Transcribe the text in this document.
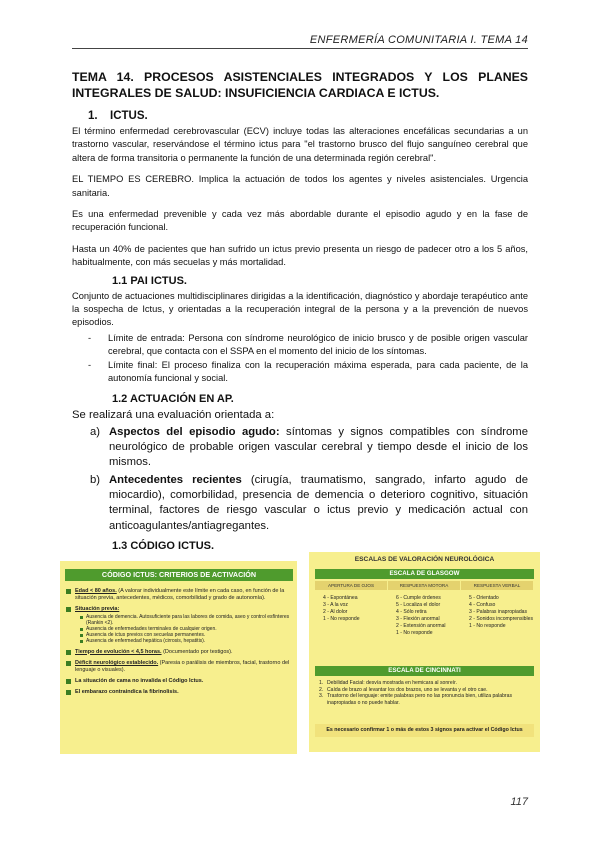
ENFERMERÍA COMUNITARIA I. TEMA 14
TEMA 14. PROCESOS ASISTENCIALES INTEGRADOS Y LOS PLANES INTEGRALES DE SALUD: INSUFICIENCIA CARDIACA E ICTUS.
1. ICTUS.

El término enfermedad cerebrovascular (ECV) incluye todas las alteraciones encefálicas secundarias a un trastorno vascular, reservándose el término ictus para "el trastorno brusco del flujo sanguíneo cerebral que altera de forma transitoria o permanente la función de una determinada región cerebral".

EL TIEMPO ES CEREBRO. Implica la actuación de todos los agentes y niveles asistenciales. Urgencia sanitaria.

Es una enfermedad prevenible y cada vez más abordable durante el episodio agudo y en la fase de recuperación funcional.

Hasta un 40% de pacientes que han sufrido un ictus previo presenta un riesgo de padecer otro a los 5 años, habitualmente, con más secuelas y más mortalidad.

1.1 PAI ICTUS.

Conjunto de actuaciones multidisciplinares dirigidas a la identificación, diagnóstico y abordaje terapéutico ante la sospecha de Ictus, y orientadas a la recuperación integral de la persona y a la prevención de nuevos episodios.

- Límite de entrada: Persona con síndrome neurológico de inicio brusco y de posible origen vascular cerebral, que contacta con el SSPA en el momento del inicio de los síntomas.
- Límite final: El proceso finaliza con la recuperación máxima esperada, para cada paciente, de la autonomía funcional y social.
1.2 ACTUACIÓN EN AP.

Se realizará una evaluación orientada a:

a) Aspectos del episodio agudo: síntomas y signos compatibles con síndrome neurológico de probable origen vascular cerebral y tiempo desde el inicio de los mismos.
b) Antecedentes recientes (cirugía, traumatismo, sangrado, infarto agudo de miocardio), comorbilidad, presencia de demencia o deterioro cognitivo, situación terminal, factores de riesgo vascular o ictus previo y medicación actual con anticoagulantes/antiagregantes.
1.3 CÓDIGO ICTUS.
CÓDIGO ICTUS: CRITERIOS DE ACTIVACIÓN
Edad < 80 años. (A valorar individualmente este límite en cada caso, en función de la situación previa, antecedentes, médicos, comorbilidad y grado de autonomía).
Situación previa:
Ausencia de demencia. Autosuficiente para las labores de comida, aseo y control esfínteres (Rankin <2).
Ausencia de enfermedades terminales de cualquier origen.
Ausencia de ictus previos con secuelas permanentes.
Ausencia de enfermedad hepática (cirrosis, hepatitis).
Tiempo de evolución < 4,5 horas. (Documentado por testigos).
Déficit neurológico establecido. (Paresia o parálisis de miembros, facial, trastorno del lenguaje o visuales).
La situación de cama no invalida el Código Ictus.
El embarazo contraindica la fibrinolisis.
ESCALAS DE VALORACIÓN NEUROLÓGICA
ESCALA DE GLASGOW
APERTURA DE OJOS
4 - Espontánea
3 - A la voz
2 - Al dolor
1 - No responde
RESPUESTA MOTORA
6 - Cumple órdenes
5 - Localiza el dolor
4 - Sólo retira
3 - Flexión anormal
2 - Extensión anormal
1 - No responde
RESPUESTA VERBAL
5 - Orientado
4 - Confuso
3 - Palabras inapropiadas
2 - Sonidos incomprensibles
1 - No responde
ESCALA DE CINCINNATI
1. Debilidad Facial: desvía mostrada en hemicara al sonreír.
2. Caída de brazo al levantar los dos brazos, uno se levanta y el otro cae.
3. Trastorno del lenguaje: emite palabras pero no las pronuncia bien, utiliza palabras inapropiadas o no puede hablar.
Es necesario confirmar 1 o más de estos 3 signos para activar el Código Ictus
117
